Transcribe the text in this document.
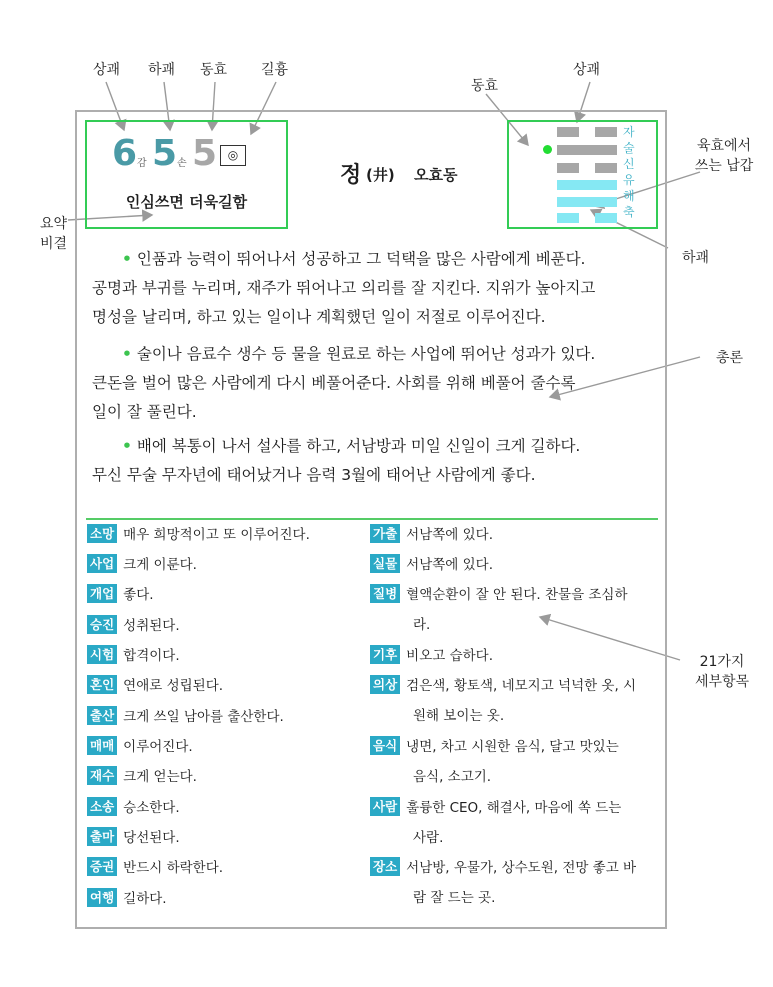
상괘 하괘 동효 길흉
동효
상괘
육효에서
쓰는 납갑
요약
비결
하괘
총론
21가지
세부항목
6 감 5 손 5 ◎
인심쓰면 더욱길함
정 (井) 오효동
자
술
신
유
해
축
• 인품과 능력이 뛰어나서 성공하고 그 덕택을 많은 사람에게 베푼다.
공명과 부귀를 누리며, 재주가 뛰어나고 의리를 잘 지킨다. 지위가 높아지고
명성을 날리며, 하고 있는 일이나 계획했던 일이 저절로 이루어진다.
• 술이나 음료수 생수 등 물을 원료로 하는 사업에 뛰어난 성과가 있다.
큰돈을 벌어 많은 사람에게 다시 베풀어준다. 사회를 위해 베풀어 줄수록
일이 잘 풀린다.
• 배에 복통이 나서 설사를 하고, 서남방과 미일 신일이 크게 길하다.
무신 무술 무자년에 태어났거나 음력 3월에 태어난 사람에게 좋다.
소망 매우 희망적이고 또 이루어진다.
사업 크게 이룬다.
개업 좋다.
승진 성취된다.
시험 합격이다.
혼인 연애로 성립된다.
출산 크게 쓰일 남아를 출산한다.
매매 이루어진다.
재수 크게 얻는다.
소송 승소한다.
출마 당선된다.
증권 반드시 하락한다.
여행 길하다.
가출 서남쪽에 있다.
실물 서남쪽에 있다.
질병 혈액순환이 잘 안 된다. 찬물을 조심하
라.
기후 비오고 습하다.
의상 검은색, 황토색, 네모지고 넉넉한 옷, 시
원해 보이는 옷.
음식 냉면, 차고 시원한 음식, 달고 맛있는
음식, 소고기.
사람 훌륭한 CEO, 해결사, 마음에 쏙 드는
사람.
장소 서남방, 우물가, 상수도원, 전망 좋고 바
람 잘 드는 곳.
